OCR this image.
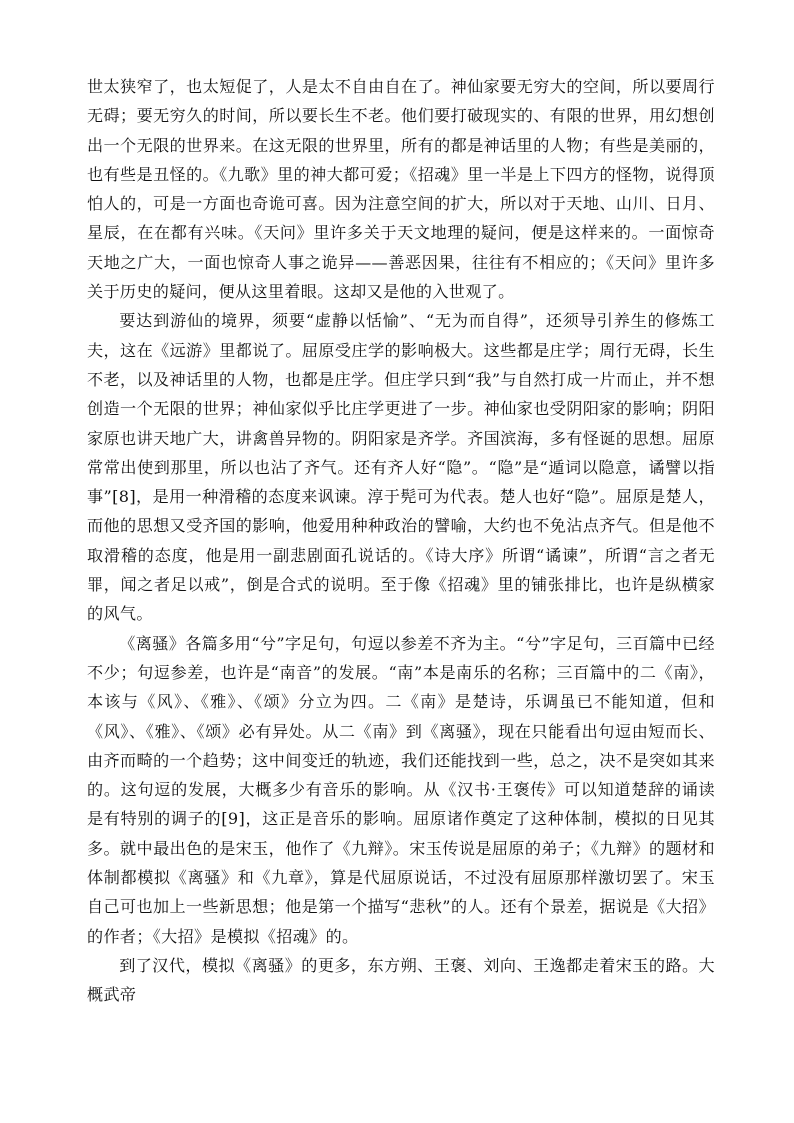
世太狭窄了，也太短促了，人是太不自由自在了。神仙家要无穷大的空间，所以要周行无碍；要无穷久的时间，所以要长生不老。他们要打破现实的、有限的世界，用幻想创出一个无限的世界来。在这无限的世界里，所有的都是神话里的人物；有些是美丽的，也有些是丑怪的。《九歌》里的神大都可爱；《招魂》里一半是上下四方的怪物，说得顶怕人的，可是一方面也奇诡可喜。因为注意空间的扩大，所以对于天地、山川、日月、星辰，在在都有兴味。《天问》里许多关于天文地理的疑问，便是这样来的。一面惊奇天地之广大，一面也惊奇人事之诡异——善恶因果，往往有不相应的；《天问》里许多关于历史的疑问，便从这里着眼。这却又是他的入世观了。

要达到游仙的境界，须要“虚静以恬愉”、“无为而自得”，还须导引养生的修炼工夫，这在《远游》里都说了。屈原受庄学的影响极大。这些都是庄学；周行无碍，长生不老，以及神话里的人物，也都是庄学。但庄学只到“我”与自然打成一片而止，并不想创造一个无限的世界；神仙家似乎比庄学更进了一步。神仙家也受阴阳家的影响；阴阳家原也讲天地广大，讲禽兽异物的。阴阳家是齐学。齐国滨海，多有怪诞的思想。屈原常常出使到那里，所以也沾了齐气。还有齐人好“隐”。“隐”是“遁词以隐意，谲譬以指事”[8]，是用一种滑稽的态度来讽谏。淳于髡可为代表。楚人也好“隐”。屈原是楚人，而他的思想又受齐国的影响，他爱用种种政治的譬喻，大约也不免沾点齐气。但是他不取滑稽的态度，他是用一副悲剧面孔说话的。《诗大序》所谓“谲谏”，所谓“言之者无罪，闻之者足以戒”，倒是合式的说明。至于像《招魂》里的铺张排比，也许是纵横家的风气。

《离骚》各篇多用“兮”字足句，句逗以参差不齐为主。“兮”字足句，三百篇中已经不少；句逗参差，也许是“南音”的发展。“南”本是南乐的名称；三百篇中的二《南》，本该与《风》、《雅》、《颂》分立为四。二《南》是楚诗，乐调虽已不能知道，但和《风》、《雅》、《颂》必有异处。从二《南》到《离骚》，现在只能看出句逗由短而长、由齐而畸的一个趋势；这中间变迁的轨迹，我们还能找到一些，总之，决不是突如其来的。这句逗的发展，大概多少有音乐的影响。从《汉书·王褒传》可以知道楚辞的诵读是有特别的调子的[9]，这正是音乐的影响。屈原诸作奠定了这种体制，模拟的日见其多。就中最出色的是宋玉，他作了《九辩》。宋玉传说是屈原的弟子；《九辩》的题材和体制都模拟《离骚》和《九章》，算是代屈原说话，不过没有屈原那样激切罢了。宋玉自己可也加上一些新思想；他是第一个描写“悲秋”的人。还有个景差，据说是《大招》的作者；《大招》是模拟《招魂》的。

到了汉代，模拟《离骚》的更多，东方朔、王褒、刘向、王逸都走着宋玉的路。大概武帝
